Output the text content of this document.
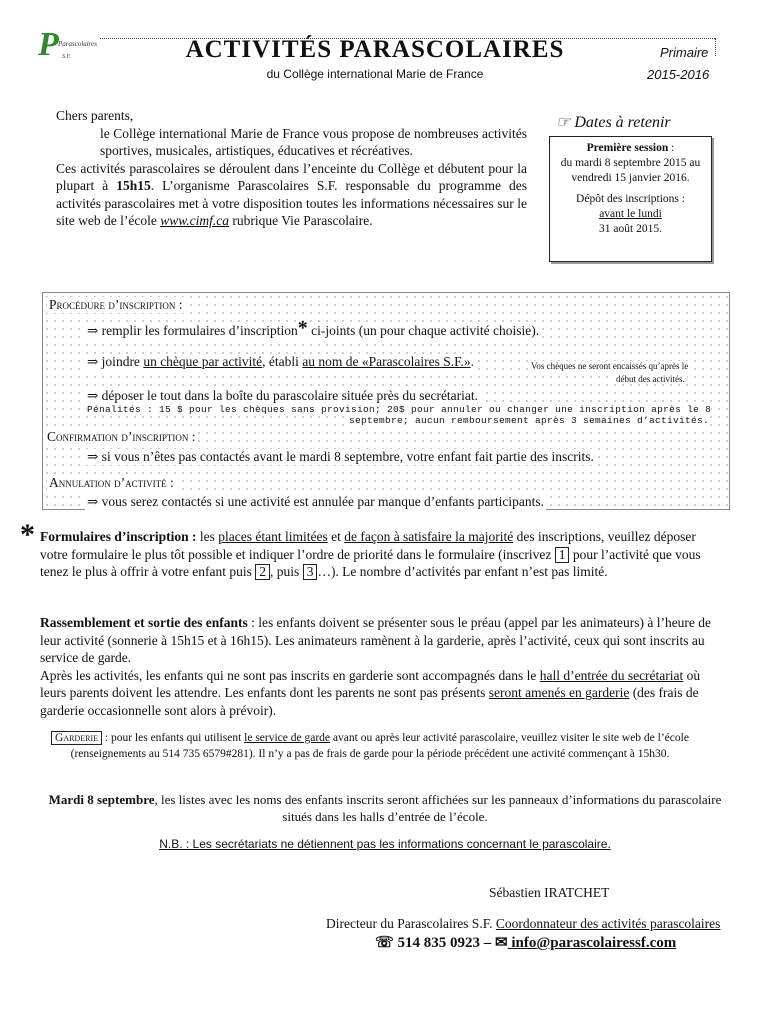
P Parascolaires
S.F.	ACTIVITÉS PARASCOLAIRES
du Collège international Marie de France
Primaire
2015-2016

Chers parents,

le Collège international Marie de France vous propose de nombreuses activités sportives, musicales, artistiques, éducatives et récréatives.

Ces activités parascolaires se déroulent dans l’enceinte du Collège et débutent pour la plupart à 15h15. L’organisme Parascolaires S.F. responsable du programme des activités parascolaires met à votre disposition toutes les informations nécessaires sur le site web de l’école www.cimf.ca rubrique Vie Parascolaire.

☞ Dates à retenir

Première session :

du mardi 8 septembre 2015 au vendredi 15 janvier 2016.

Dépôt des inscriptions :

avant le lundi

31 août 2015.

Procédure d’inscription :
⇒ remplir les formulaires d’inscription* ci-joints (un pour chaque activité choisie).
⇒ joindre un chèque par activité, établi au nom de «Parascolaires S.F.».	Vos chèques ne seront encaissés qu’après le
début des activités.
⇒ déposer le tout dans la boîte du parascolaire située près du secrétariat.
Pénalités : 15 $ pour les chèques sans provision; 20$ pour annuler ou changer une inscription après le 8
septembre; aucun remboursement après 3 semaines d’activités.
Confirmation d’inscription :
⇒ si vous n’êtes pas contactés avant le mardi 8 septembre, votre enfant fait partie des inscrits.
Annulation d’activité :
⇒ vous serez contactés si une activité est annulée par manque d’enfants participants.
* Formulaires d’inscription : les places étant limitées et de façon à satisfaire la majorité des inscriptions, veuillez déposer votre formulaire le plus tôt possible et indiquer l’ordre de priorité dans le formulaire (inscrivez 1 pour l’activité que vous tenez le plus à offrir à votre enfant puis 2 , puis 3 …). Le nombre d’activités par enfant n’est pas limité.

Rassemblement et sortie des enfants : les enfants doivent se présenter sous le préau (appel par les animateurs) à l’heure de leur activité (sonnerie à 15h15 et à 16h15). Les animateurs ramènent à la garderie, après l’activité, ceux qui sont inscrits au service de garde.

Après les activités, les enfants qui ne sont pas inscrits en garderie sont accompagnés dans le hall d’entrée du secrétariat où leurs parents doivent les attendre. Les enfants dont les parents ne sont pas présents seront amenés en garderie (des frais de garderie occasionnelle sont alors à prévoir).

Garderie : pour les enfants qui utilisent le service de garde avant ou après leur activité parascolaire, veuillez visiter le site web de l’école (renseignements au 514 735 6579#281). Il n’y a pas de frais de garde pour la période précédent une activité commençant à 15h30.
Mardi 8 septembre, les listes avec les noms des enfants inscrits seront affichées sur les panneaux d’informations du parascolaire situés dans les halls d’entrée de l’école.
N.B. : Les secrétariats ne détiennent pas les informations concernant le parascolaire.
Sébastien IRATCHET
Directeur du Parascolaires S.F. Coordonnateur des activités parascolaires
☏ 514 835 0923 – ✉ info@parascolairessf.com
